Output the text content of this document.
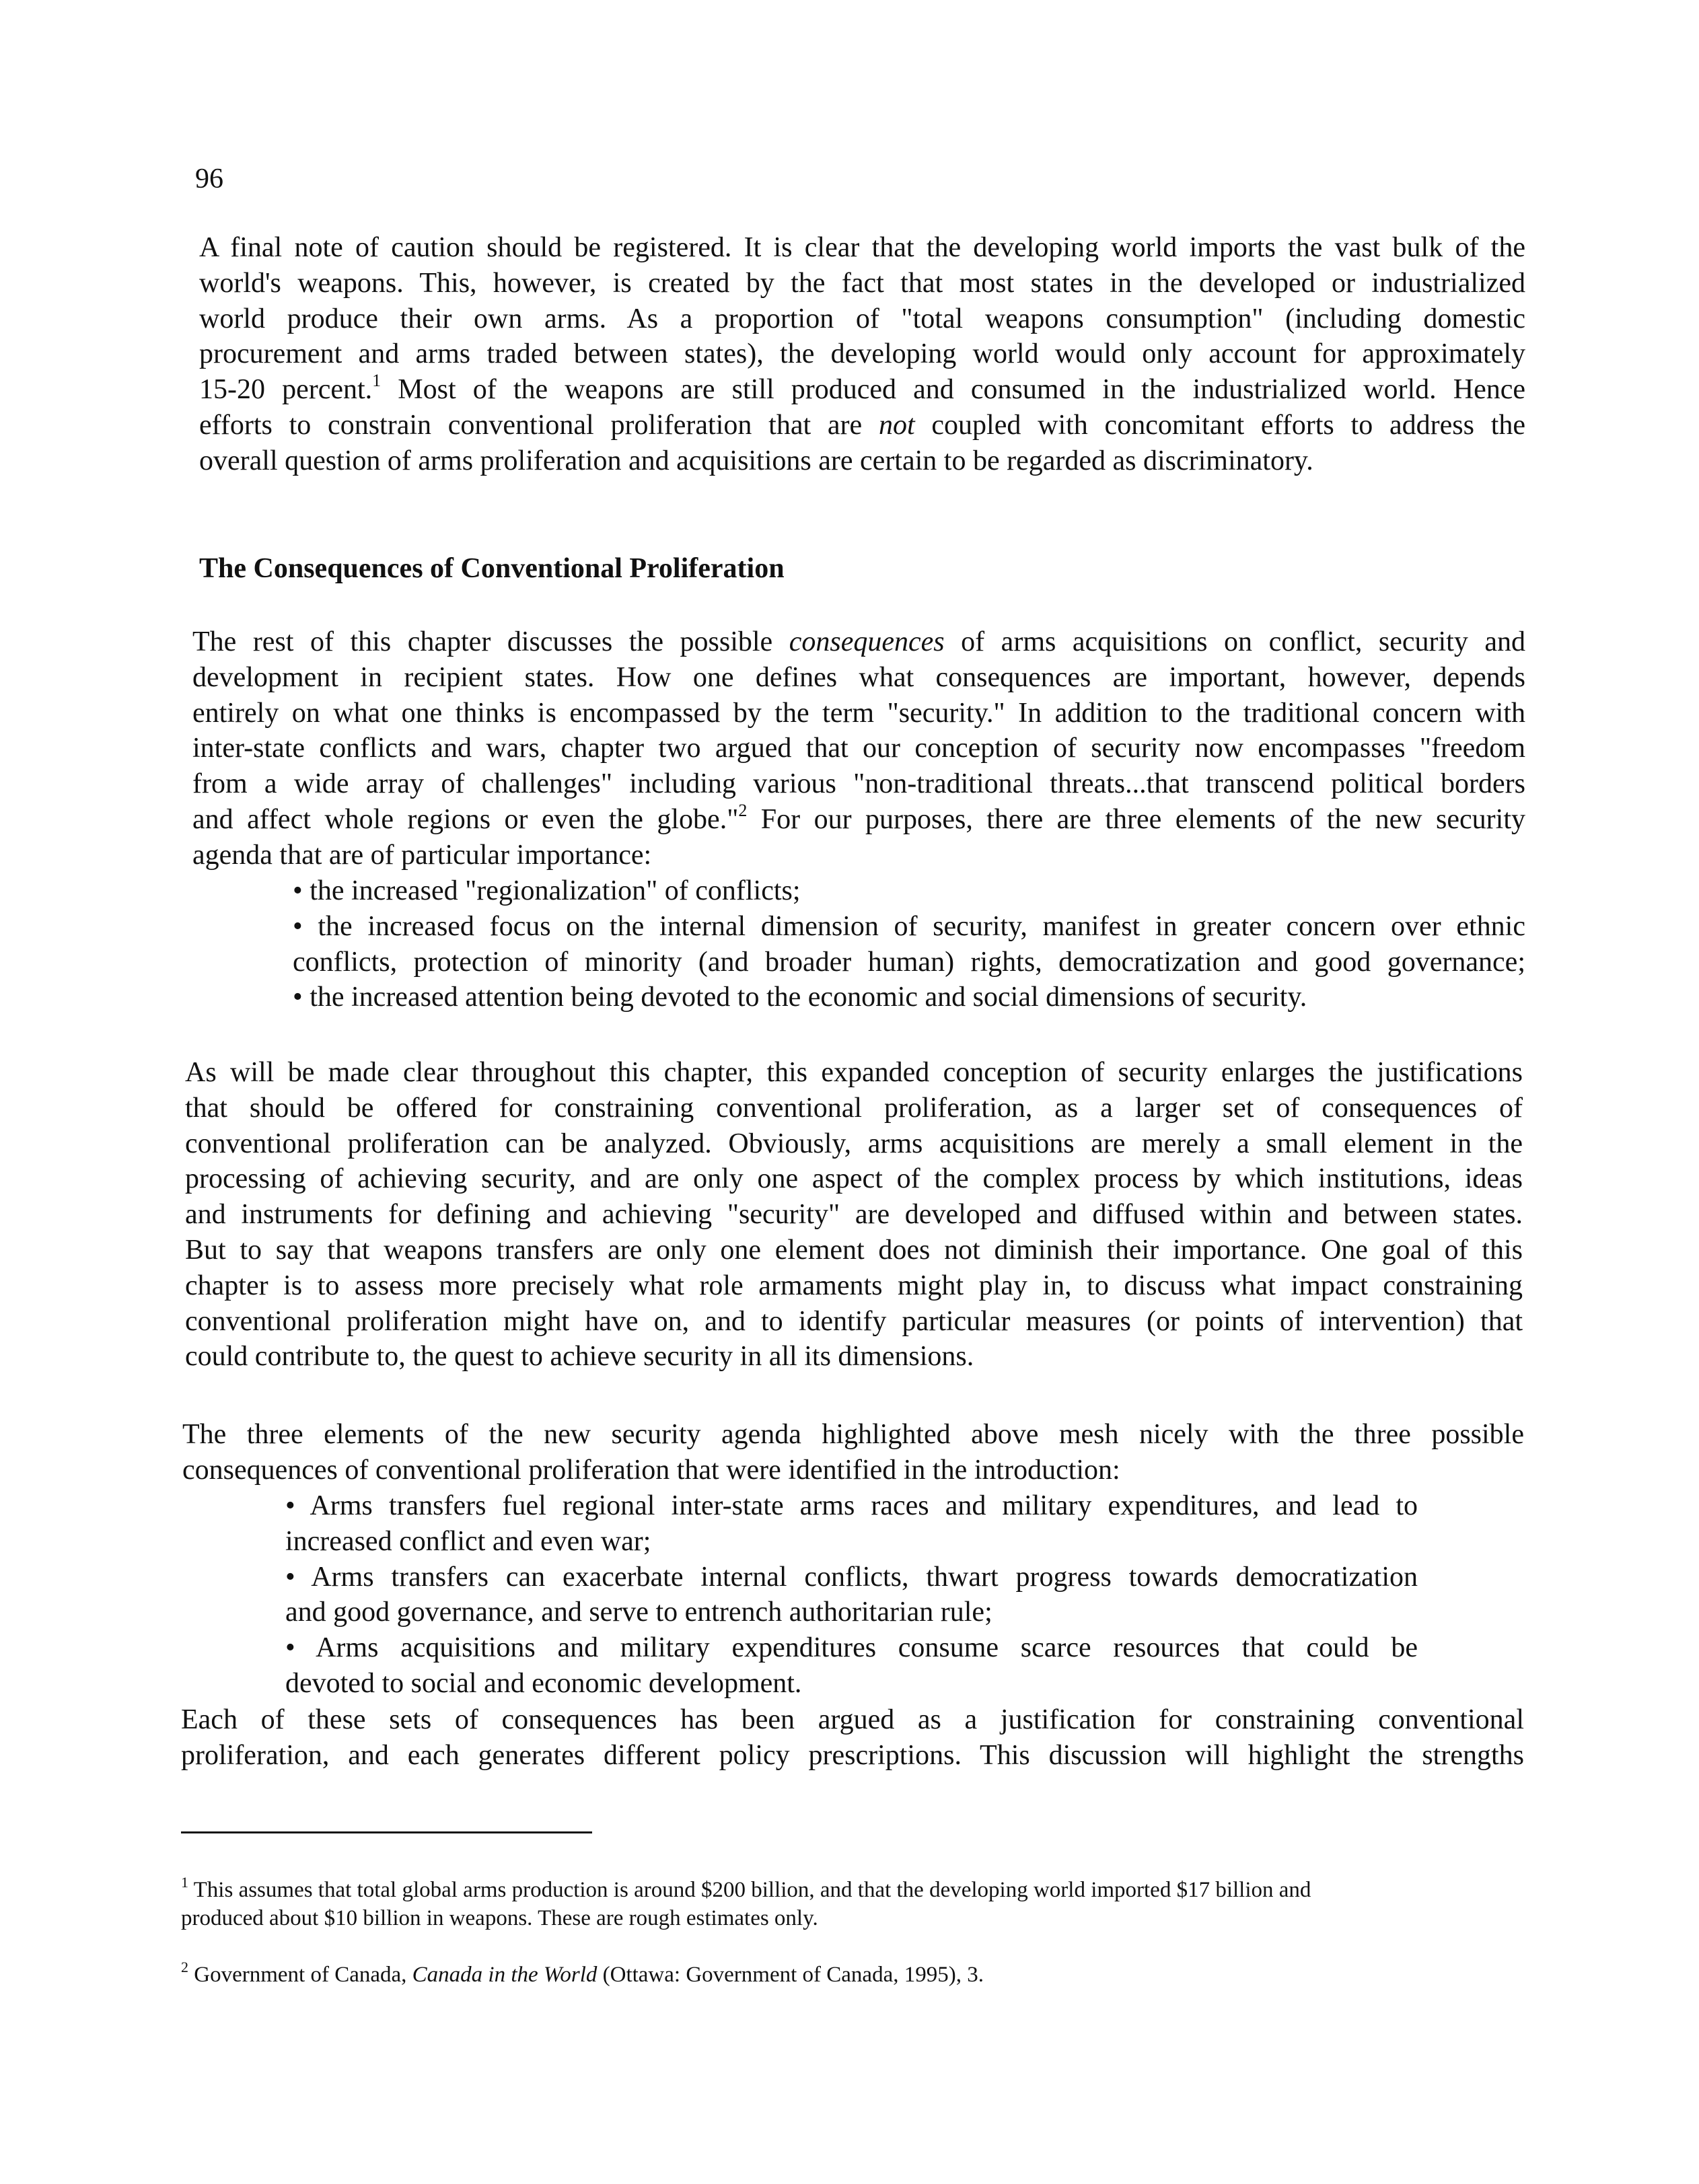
96
The Consequences of Conventional Proliferation
A final note of caution should be registered. It is clear that the developing world imports the vast bulk of the
world's weapons. This, however, is created by the fact that most states in the developed or industrialized
world produce their own arms. As a proportion of "total weapons consumption" (including domestic
procurement and arms traded between states), the developing world would only account for approximately
15-20 percent.$^1$ Most of the weapons are still produced and consumed in the industrialized world. Hence
efforts to constrain conventional proliferation that are not coupled with concomitant efforts to address the
overall question of arms proliferation and acquisitions are certain to be regarded as discriminatory.
The rest of this chapter discusses the possible consequences of arms acquisitions on conflict, security and
development in recipient states. How one defines what consequences are important, however, depends
entirely on what one thinks is encompassed by the term "security." In addition to the traditional concern with
inter-state conflicts and wars, chapter two argued that our conception of security now encompasses "freedom
from a wide array of challenges" including various "non-traditional threats...that transcend political borders
and affect whole regions or even the globe."$^2$ For our purposes, there are three elements of the new security
agenda that are of particular importance:
• the increased "regionalization" of conflicts;
• the increased focus on the internal dimension of security, manifest in greater concern over ethnic
conflicts, protection of minority (and broader human) rights, democratization and good governance;
• the increased attention being devoted to the economic and social dimensions of security.
As will be made clear throughout this chapter, this expanded conception of security enlarges the justifications
that should be offered for constraining conventional proliferation, as a larger set of consequences of
conventional proliferation can be analyzed. Obviously, arms acquisitions are merely a small element in the
processing of achieving security, and are only one aspect of the complex process by which institutions, ideas
and instruments for defining and achieving "security" are developed and diffused within and between states.
But to say that weapons transfers are only one element does not diminish their importance. One goal of this
chapter is to assess more precisely what role armaments might play in, to discuss what impact constraining
conventional proliferation might have on, and to identify particular measures (or points of intervention) that
could contribute to, the quest to achieve security in all its dimensions.
The three elements of the new security agenda highlighted above mesh nicely with the three possible
consequences of conventional proliferation that were identified in the introduction:
• Arms transfers fuel regional inter-state arms races and military expenditures, and lead to
increased conflict and even war;
• Arms transfers can exacerbate internal conflicts, thwart progress towards democratization
and good governance, and serve to entrench authoritarian rule;
• Arms acquisitions and military expenditures consume scarce resources that could be
devoted to social and economic development.
Each of these sets of consequences has been argued as a justification for constraining conventional
proliferation, and each generates different policy prescriptions. This discussion will highlight the strengths
$^1$ This assumes that total global arms production is around $200 billion, and that the developing world imported $17 billion and
produced about $10 billion in weapons. These are rough estimates only.
$^2$ Government of Canada, Canada in the World (Ottawa: Government of Canada, 1995), 3.
